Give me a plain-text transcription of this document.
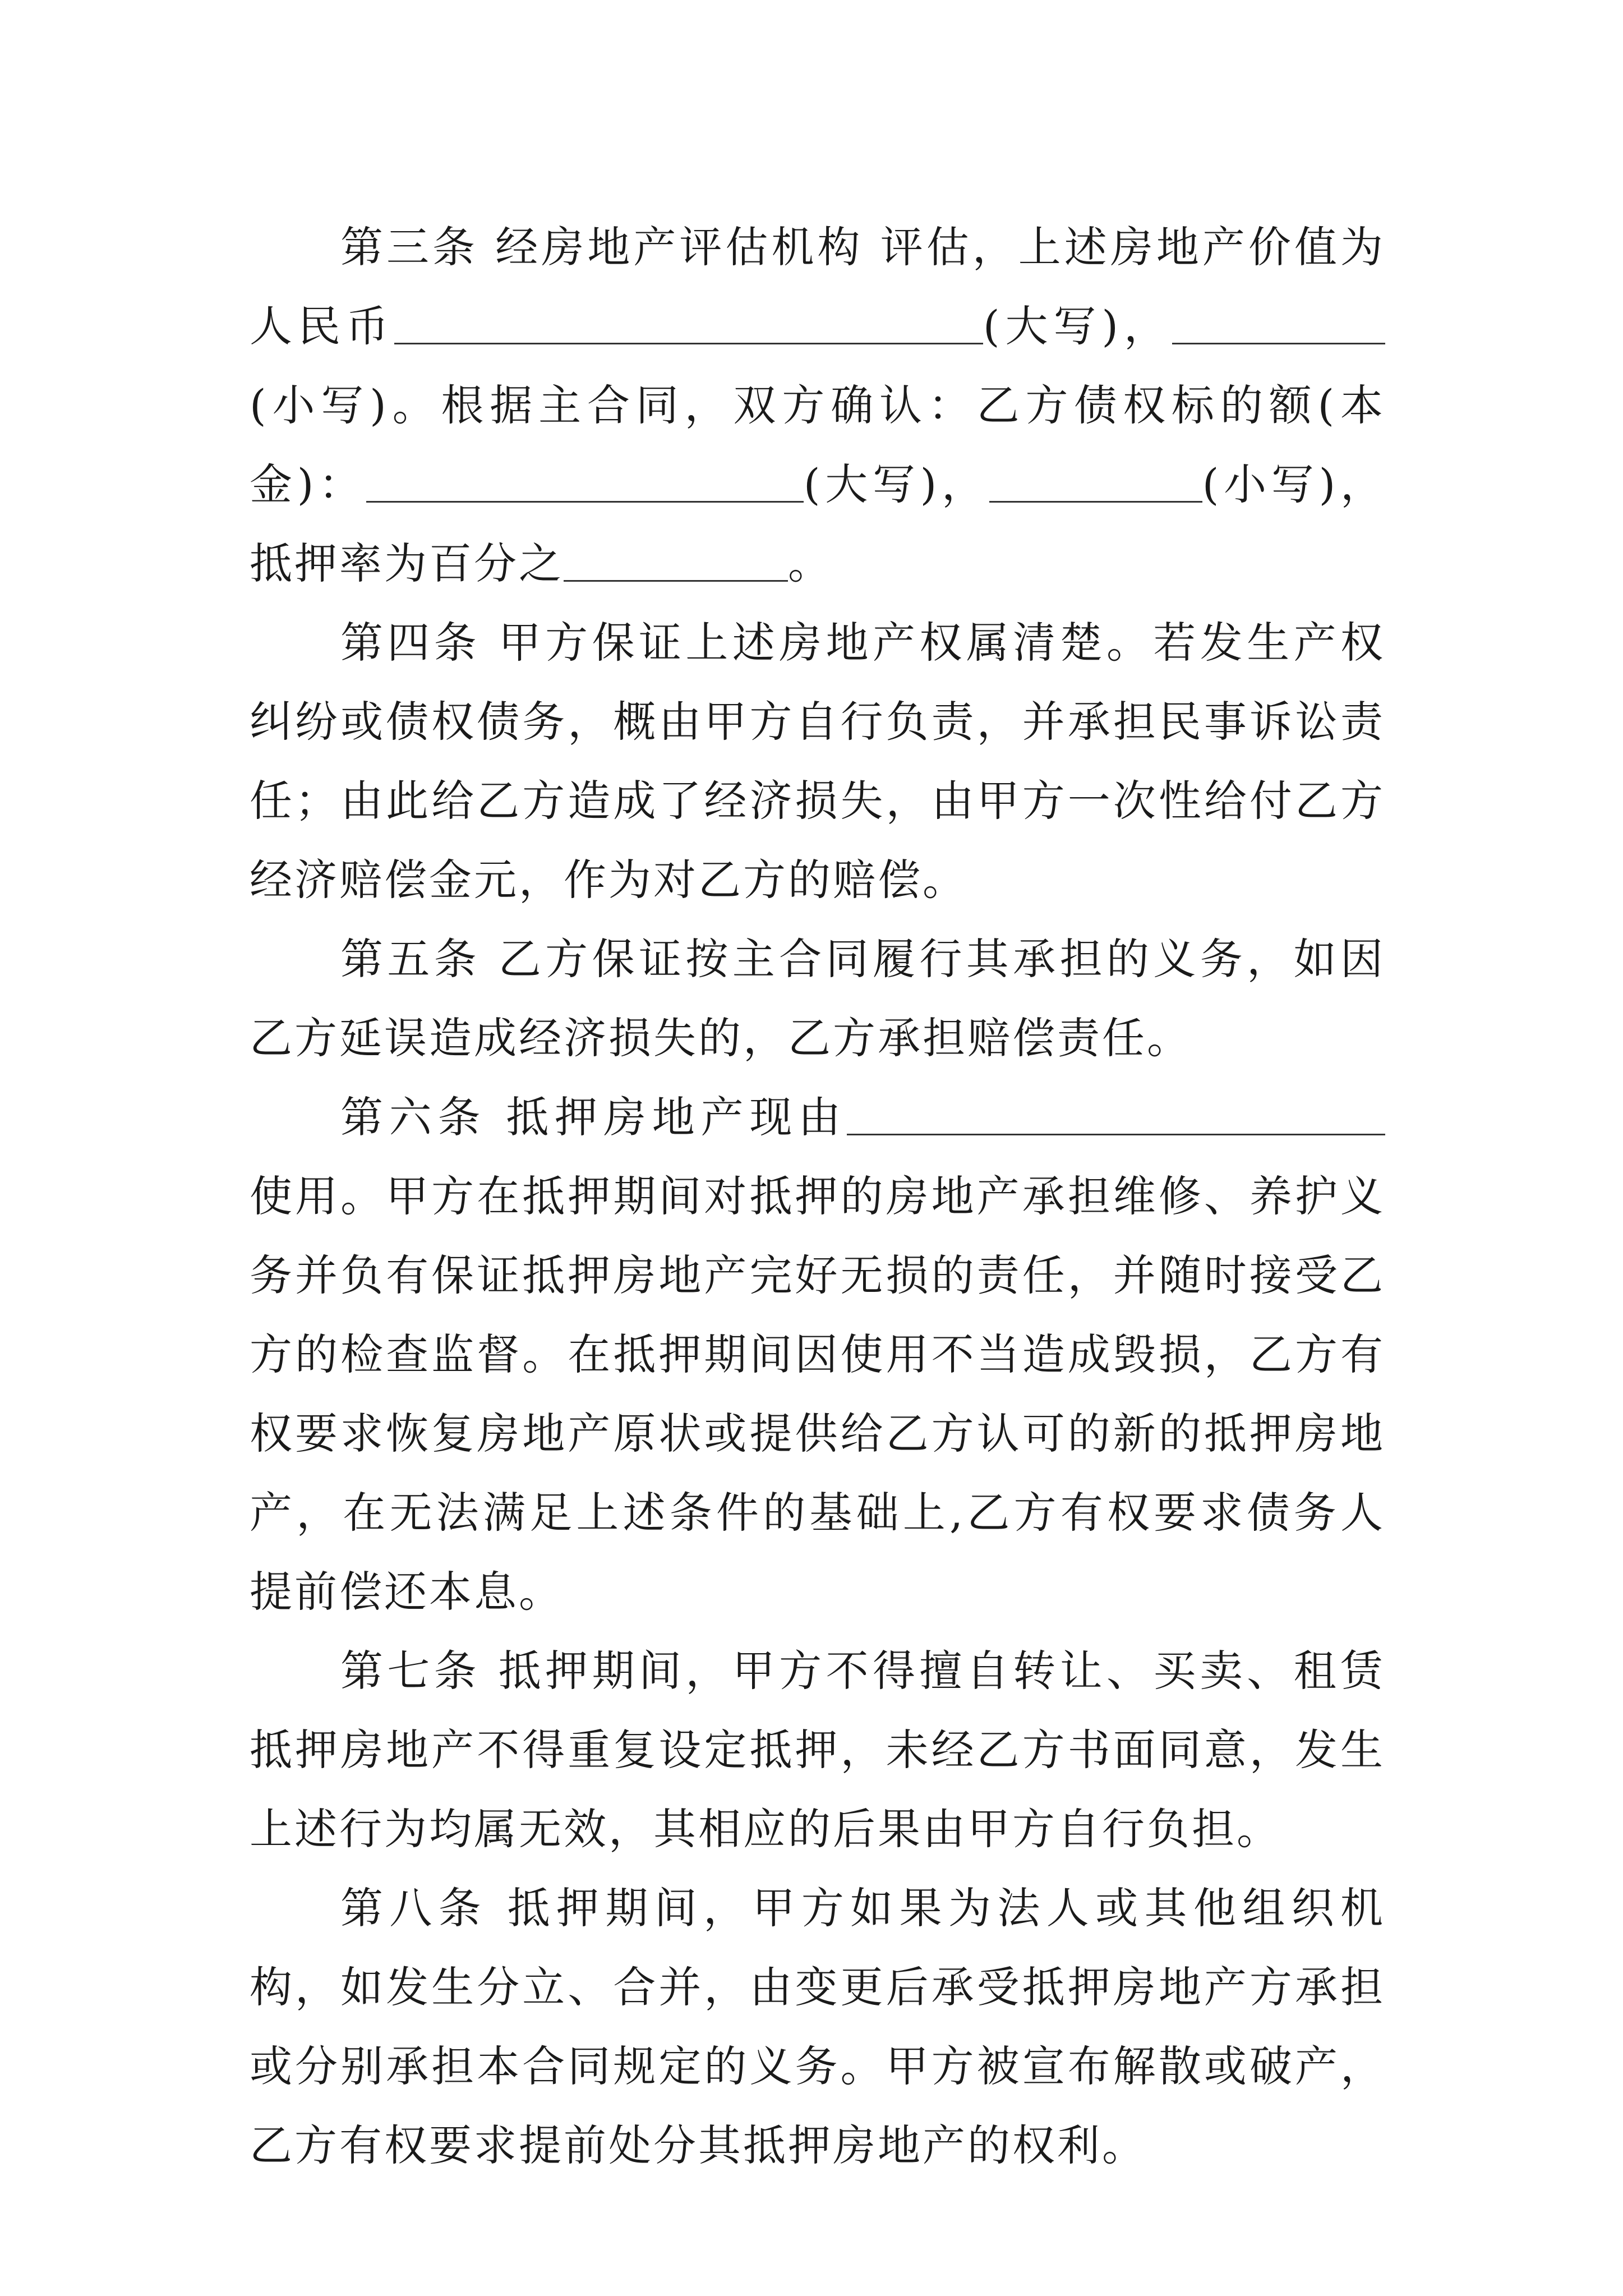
第三条 经房地产评估机构 评估，上述房地产价值为人民币	(大写)，(小写)。根据主合同，双方确认：乙方债权标的额(本金)：	(大写)，	(小写)，抵押率为百分之	。

第四条 甲方保证上述房地产权属清楚。若发生产权纠纷或债权债务，概由甲方自行负责，并承担民事诉讼责任；由此给乙方造成了经济损失，由甲方一次性给付乙方经济赔偿金元，作为对乙方的赔偿。

第五条 乙方保证按主合同履行其承担的义务，如因乙方延误造成经济损失的，乙方承担赔偿责任。

第六条 抵押房地产现由使用。甲方在抵押期间对抵押的房地产承担维修、养护义务并负有保证抵押房地产完好无损的责任，并随时接受乙方的检查监督。在抵押期间因使用不当造成毁损，乙方有权要求恢复房地产原状或提供给乙方认可的新的抵押房地产，在无法满足上述条件的基础上,乙方有权要求债务人提前偿还本息。

第七条 抵押期间，甲方不得擅自转让、买卖、租赁抵押房地产不得重复设定抵押，未经乙方书面同意，发生上述行为均属无效，其相应的后果由甲方自行负担。

第八条 抵押期间，甲方如果为法人或其他组织机构，如发生分立、合并，由变更后承受抵押房地产方承担或分别承担本合同规定的义务。甲方被宣布解散或破产，乙方有权要求提前处分其抵押房地产的权利。
